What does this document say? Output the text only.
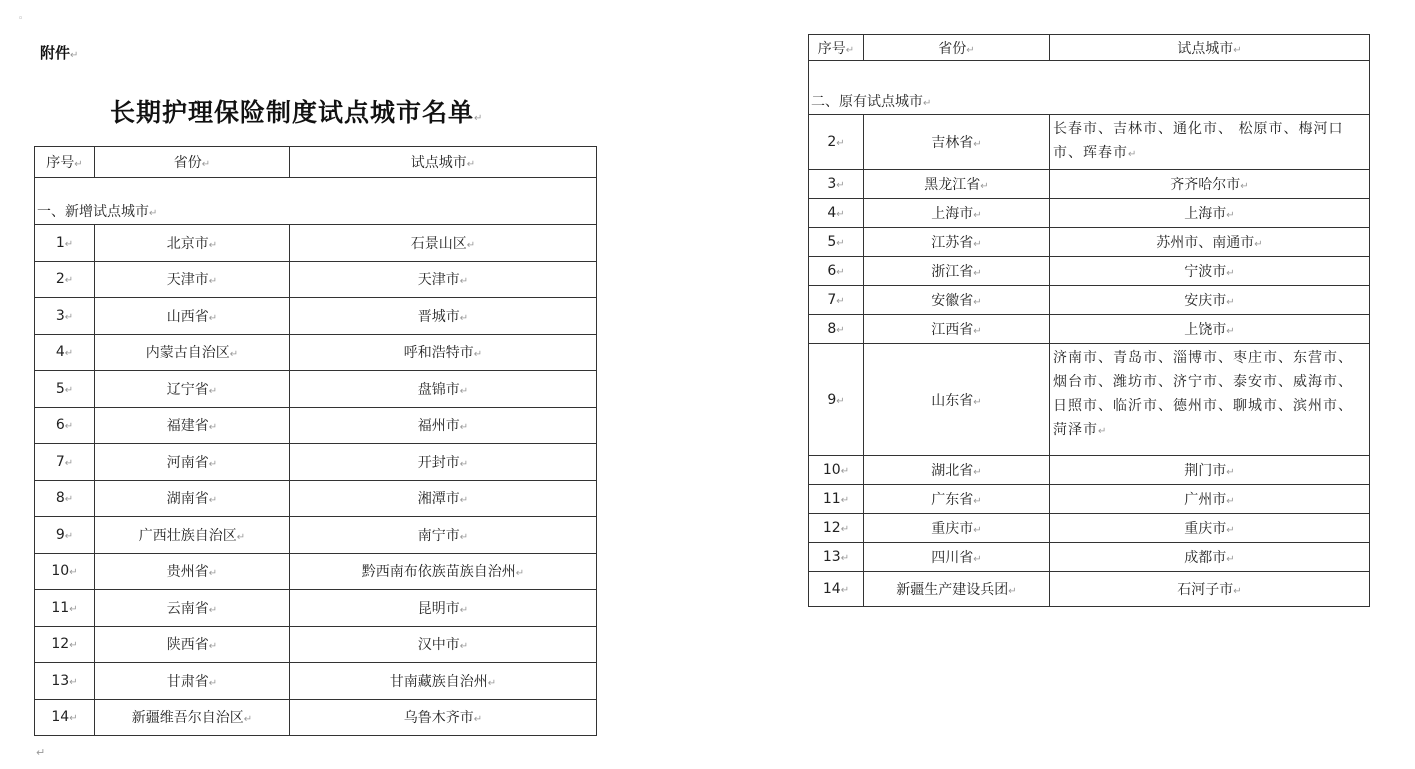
◦
附件↵
长期护理保险制度试点城市名单↵
序号↵	省份↵	试点城市↵
一、新增试点城市↵		
1↵	北京市↵	石景山区↵
2↵	天津市↵	天津市↵
3↵	山西省↵	晋城市↵
4↵	内蒙古自治区↵	呼和浩特市↵
5↵	辽宁省↵	盘锦市↵
6↵	福建省↵	福州市↵
7↵	河南省↵	开封市↵
8↵	湖南省↵	湘潭市↵
9↵	广西壮族自治区↵	南宁市↵
10↵	贵州省↵	黔西南布依族苗族自治州↵
11↵	云南省↵	昆明市↵
12↵	陕西省↵	汉中市↵
13↵	甘肃省↵	甘南藏族自治州↵
14↵	新疆维吾尔自治区↵	乌鲁木齐市↵
↵
序号↵	省份↵	试点城市↵
二、原有试点城市↵		
2↵	吉林省↵	长春市、吉林市、通化市、 松原市、梅河口市、珲春市↵
3↵	黑龙江省↵	齐齐哈尔市↵
4↵	上海市↵	上海市↵
5↵	江苏省↵	苏州市、南通市↵
6↵	浙江省↵	宁波市↵
7↵	安徽省↵	安庆市↵
8↵	江西省↵	上饶市↵
9↵	山东省↵	济南市、青岛市、淄博市、枣庄市、东营市、烟台市、潍坊市、济宁市、泰安市、威海市、日照市、临沂市、德州市、聊城市、滨州市、菏泽市↵
10↵	湖北省↵	荆门市↵
11↵	广东省↵	广州市↵
12↵	重庆市↵	重庆市↵
13↵	四川省↵	成都市↵
14↵	新疆生产建设兵团↵	石河子市↵
